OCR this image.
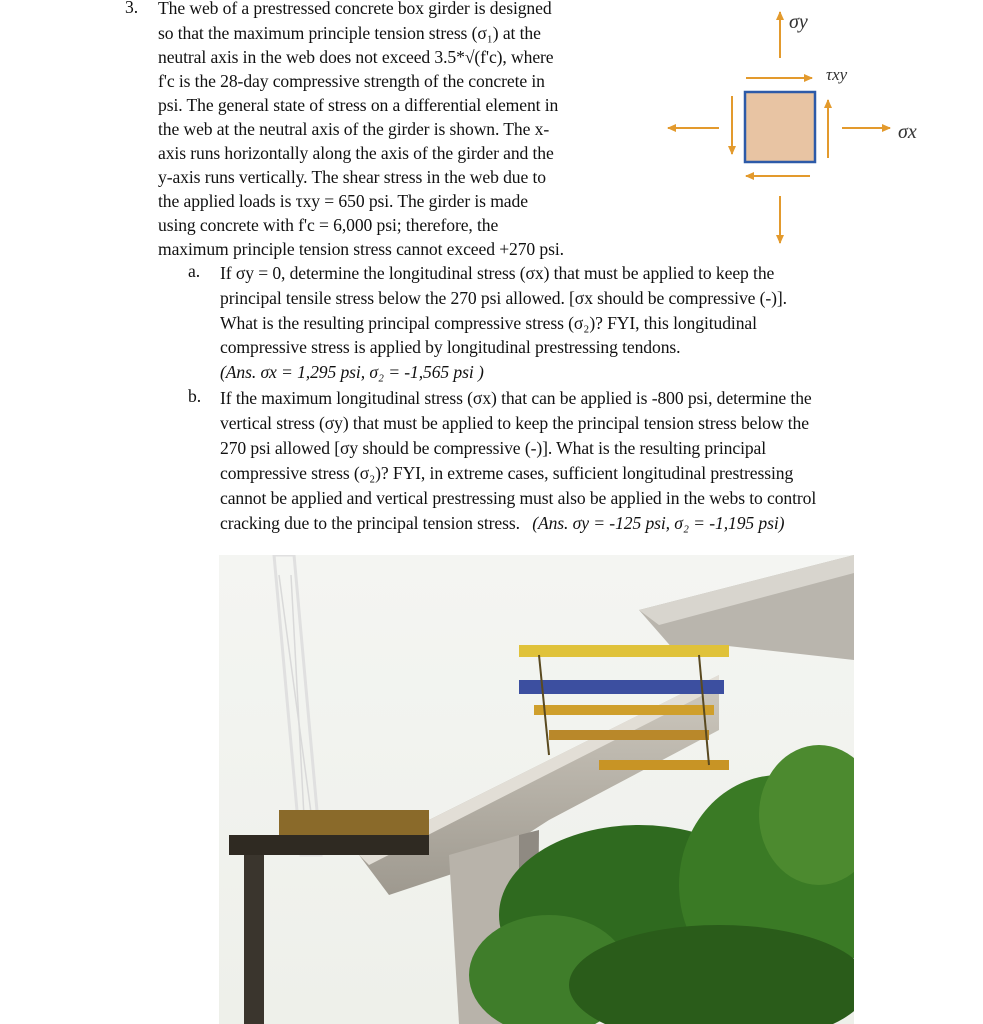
3. The web of a prestressed concrete box girder is designed
so that the maximum principle tension stress (σ₁) at the
neutral axis in the web does not exceed 3.5*√(f'c), where
f'c is the 28-day compressive strength of the concrete in
psi. The general state of stress on a differential element in
the web at the neutral axis of the girder is shown. The x-
axis runs horizontally along the axis of the girder and the
y-axis runs vertically. The shear stress in the web due to
the applied loads is τxy = 650 psi. The girder is made
using concrete with f'c = 6,000 psi; therefore, the
maximum principle tension stress cannot exceed +270 psi.
a. If σy = 0, determine the longitudinal stress (σx) that must be applied to keep the
principal tensile stress below the 270 psi allowed. [σx should be compressive (-)].
What is the resulting principal compressive stress (σ₂)? FYI, this longitudinal
compressive stress is applied by longitudinal prestressing tendons.
(Ans. σx = 1,295 psi, σ₂ = -1,565 psi )
b. If the maximum longitudinal stress (σx) that can be applied is -800 psi, determine the
vertical stress (σy) that must be applied to keep the principal tension stress below the
270 psi allowed [σy should be compressive (-)]. What is the resulting principal
compressive stress (σ₂)? FYI, in extreme cases, sufficient longitudinal prestressing
cannot be applied and vertical prestressing must also be applied in the webs to control
cracking due to the principal tension stress. (Ans. σy = -125 psi, σ₂ = -1,195 psi)
σy
τxy
σx
